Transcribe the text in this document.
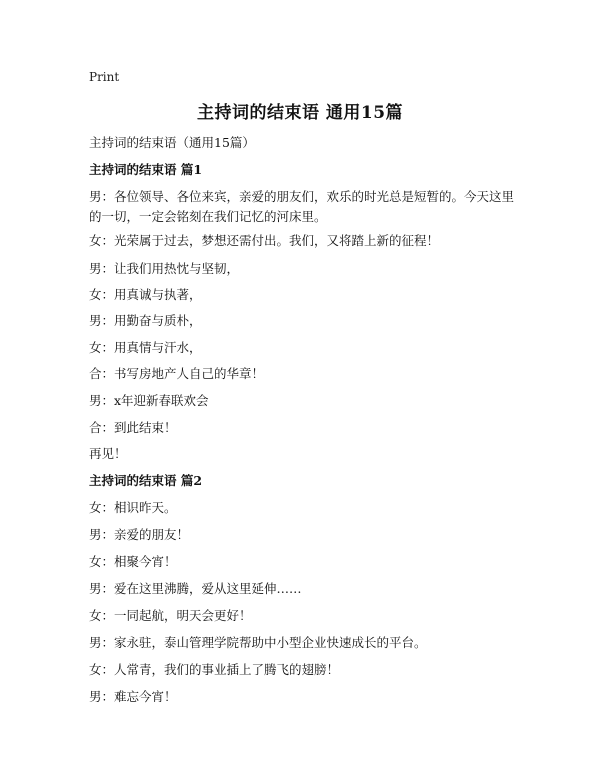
Print
主持词的结束语 通用15篇
主持词的结束语（通用15篇）
主持词的结束语 篇1
男：各位领导、各位来宾，亲爱的朋友们，欢乐的时光总是短暂的。今天这里的一切，一定会铭刻在我们记忆的河床里。
女：光荣属于过去，梦想还需付出。我们，又将踏上新的征程！
男：让我们用热忱与坚韧，
女：用真诚与执著，
男：用勤奋与质朴，
女：用真情与汗水，
合：书写房地产人自己的华章！
男：x年迎新春联欢会
合：到此结束！
再见！
主持词的结束语 篇2
女：相识昨天。
男：亲爱的朋友！
女：相聚今宵！
男：爱在这里沸腾，爱从这里延伸……
女：一同起航，明天会更好！
男：家永驻，泰山管理学院帮助中小型企业快速成长的平台。
女：人常青，我们的事业插上了腾飞的翅膀！
男：难忘今宵！
